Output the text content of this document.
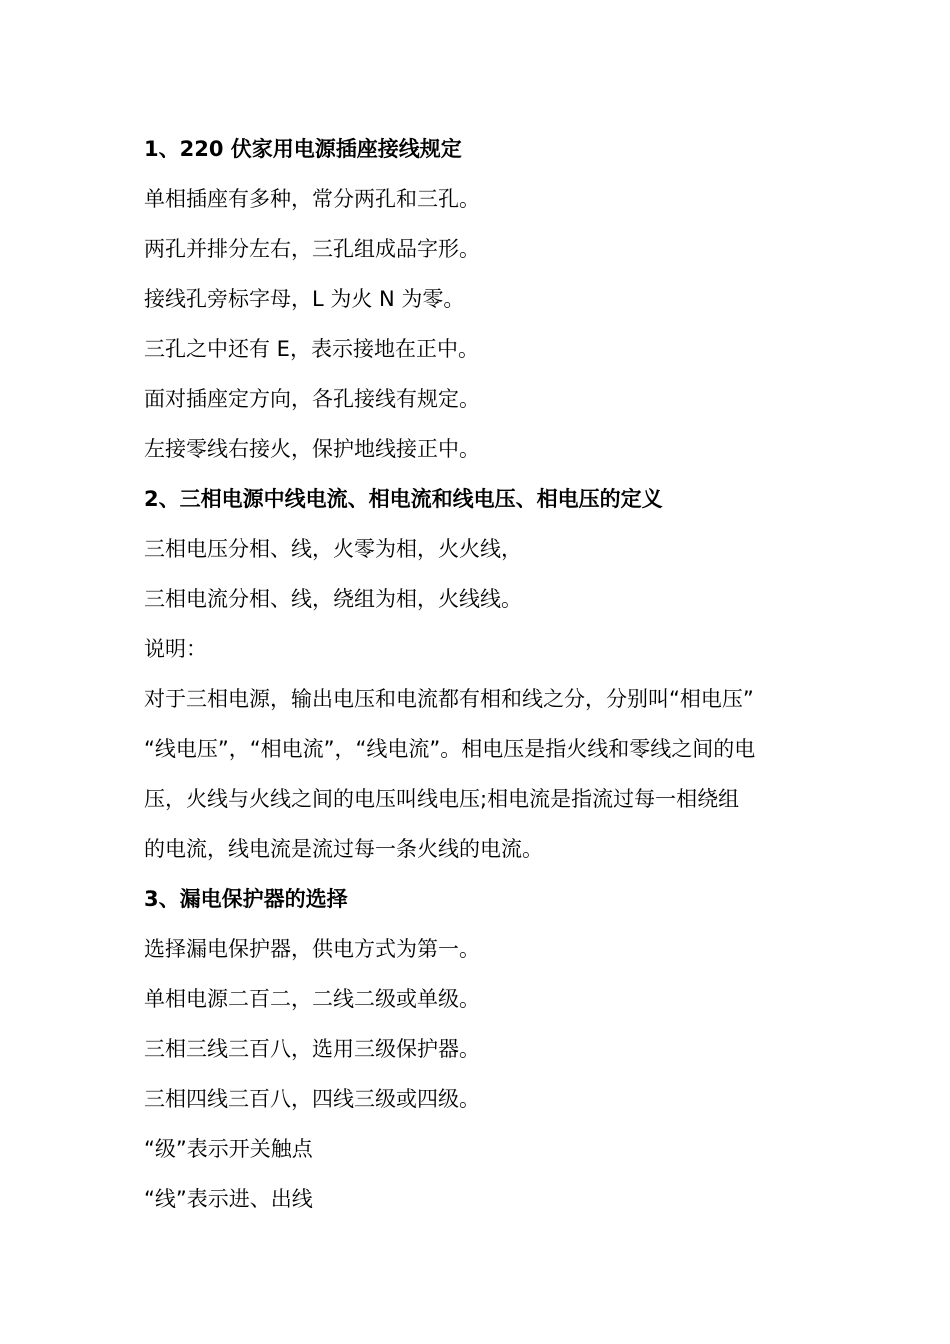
1、220 伏家用电源插座接线规定
单相插座有多种，常分两孔和三孔。
两孔并排分左右，三孔组成品字形。
接线孔旁标字母，L 为火 N 为零。
三孔之中还有 E，表示接地在正中。
面对插座定方向，各孔接线有规定。
左接零线右接火，保护地线接正中。
2、三相电源中线电流、相电流和线电压、相电压的定义
三相电压分相、线，火零为相，火火线，
三相电流分相、线，绕组为相，火线线。
说明：
对于三相电源，输出电压和电流都有相和线之分，分别叫“相电压”
“线电压”，“相电流”，“线电流”。相电压是指火线和零线之间的电
压，火线与火线之间的电压叫线电压;相电流是指流过每一相绕组
的电流，线电流是流过每一条火线的电流。
3、漏电保护器的选择
选择漏电保护器，供电方式为第一。
单相电源二百二，二线二级或单级。
三相三线三百八，选用三级保护器。
三相四线三百八，四线三级或四级。
“级”表示开关触点
“线”表示进、出线
